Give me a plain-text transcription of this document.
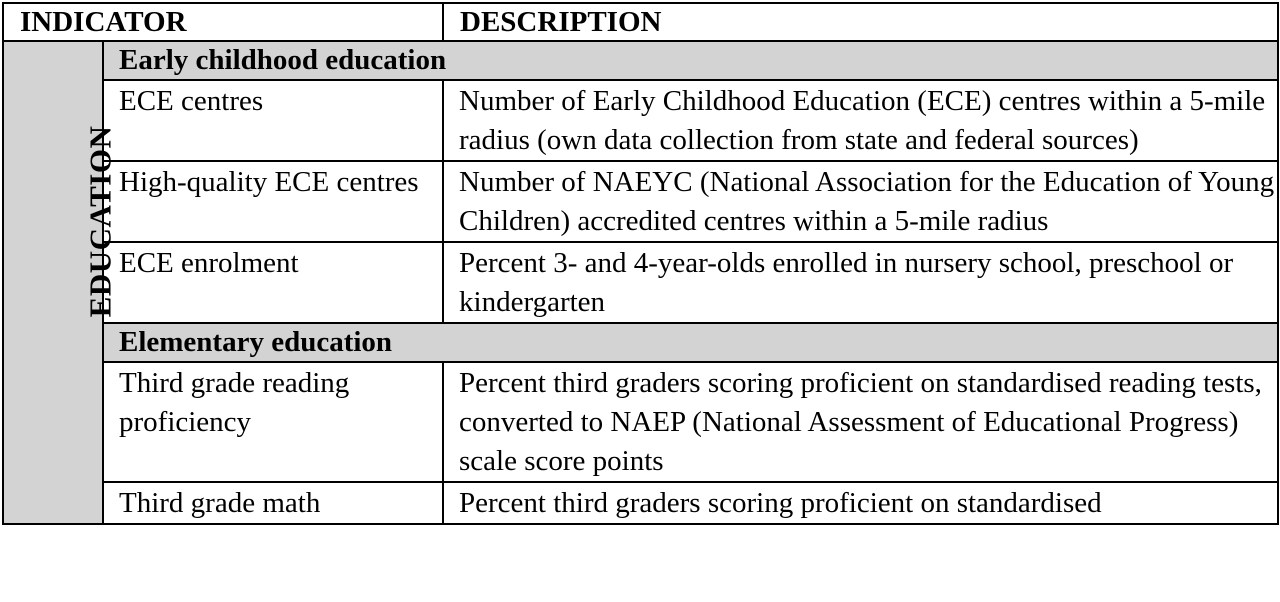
INDICATOR		DESCRIPTION
EDUCATION	Early childhood education	
	ECE centres	Number of Early Childhood Education (ECE) centres within a 5-mile radius (own data collection from state and federal sources)
	High-quality ECE centres	Number of NAEYC (National Association for the Education of Young Children) accredited centres within a 5-mile radius
	ECE enrolment	Percent 3- and 4-year-olds enrolled in nursery school, preschool or kindergarten
	Elementary education	
	Third grade reading proficiency	Percent third graders scoring proficient on standardised reading tests, converted to NAEP (National Assessment of Educational Progress) scale score points
	Third grade math	Percent third graders scoring proficient on standardised
